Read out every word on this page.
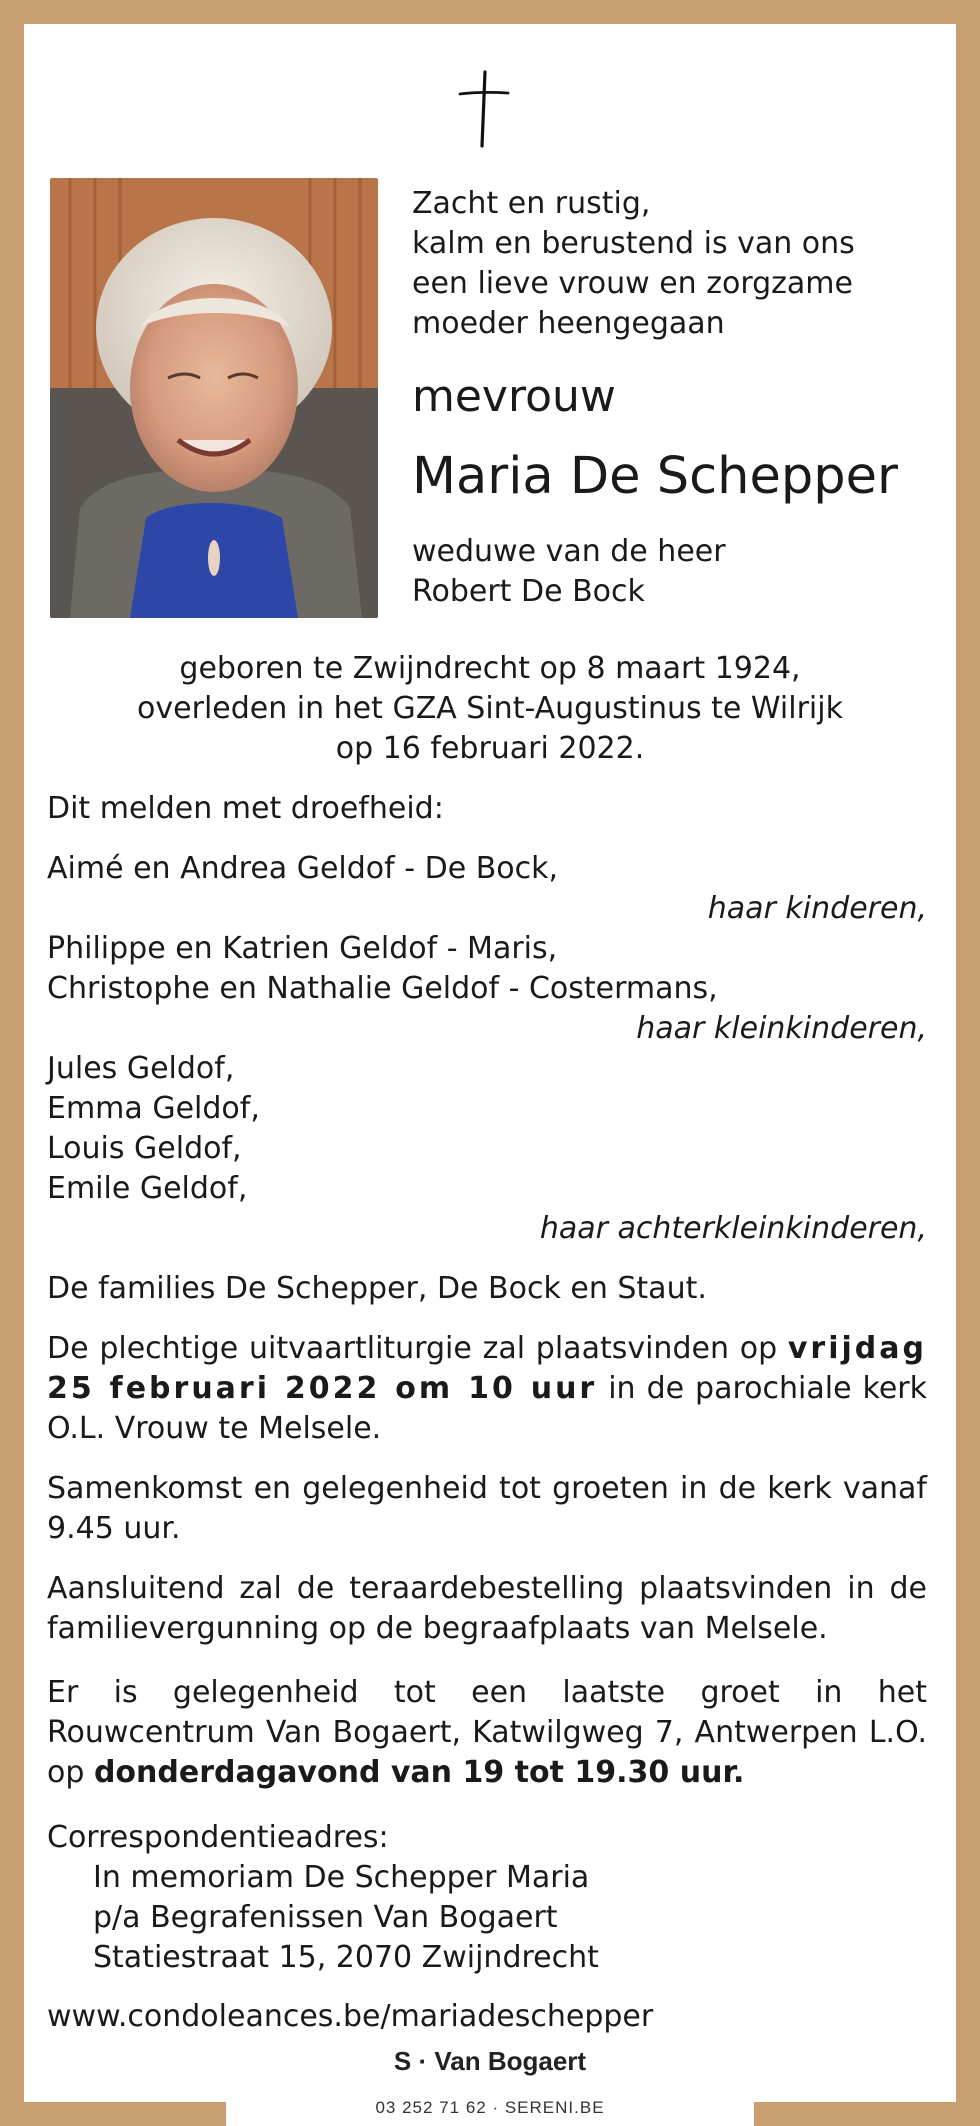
Zacht en rustig,

kalm en berustend is van ons

een lieve vrouw en zorgzame

moeder heengegaan

mevrouw
Maria De Schepper
weduwe van de heer
Robert De Bock
geboren te Zwijndrecht op 8 maart 1924,
overleden in het GZA Sint-Augustinus te Wilrijk
op 16 februari 2022.
Dit melden met droefheid:
Aimé en Andrea Geldof - De Bock,
haar kinderen,
Philippe en Katrien Geldof - Maris,
Christophe en Nathalie Geldof - Costermans,
haar kleinkinderen,
Jules Geldof,
Emma Geldof,
Louis Geldof,
Emile Geldof,
haar achterkleinkinderen,
De families De Schepper, De Bock en Staut.
De plechtige uitvaartliturgie zal plaatsvinden op vrijdag 25 februari 2022 om 10 uur in de parochiale kerk O.L. Vrouw te Melsele.
Samenkomst en gelegenheid tot groeten in de kerk vanaf 9.45 uur.
Aansluitend zal de teraardebestelling plaatsvinden in de familievergunning op de begraafplaats van Melsele.
Er is gelegenheid tot een laatste groet in het Rouwcentrum Van Bogaert, Katwilgweg 7, Antwerpen L.O. op donderdagavond van 19 tot 19.30 uur.
Correspondentieadres:
In memoriam De Schepper Maria
p/a Begrafenissen Van Bogaert
Statiestraat 15, 2070 Zwijndrecht
www.condoleances.be/mariadeschepper
S · Van Bogaert
03 252 71 62 · SERENI.BE
